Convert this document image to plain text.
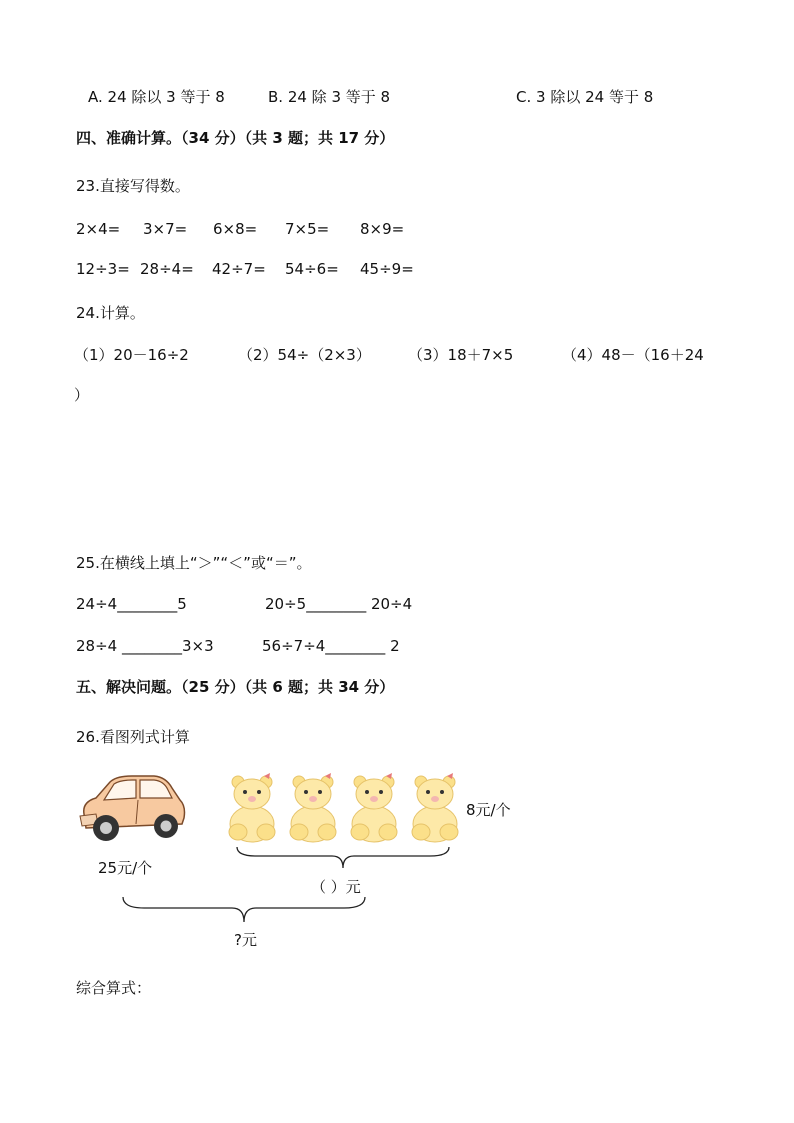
A. 24 除以 3 等于 8	B. 24 除 3 等于 8	C. 3 除以 24 等于 8
四、准确计算。（34 分）（共 3 题；共 17 分）
23.直接写得数。
2×4= 3×7= 6×8= 7×5= 8×9=
12÷3= 28÷4= 42÷7= 54÷6= 45÷9=
24.计算。
（1）20－16÷2	（2）54÷（2×3） （3）18＋7×5	（4）48－（16＋24
）
25.在横线上填上“＞”“＜”或“＝”。
24÷4________5	20÷5________ 20÷4
28÷4 ________3×3	56÷7÷4________ 2
五、解决问题。（25 分）（共 6 题；共 34 分）
26.看图列式计算
25元/个
8元/个
（ ）元
?元
综合算式：
